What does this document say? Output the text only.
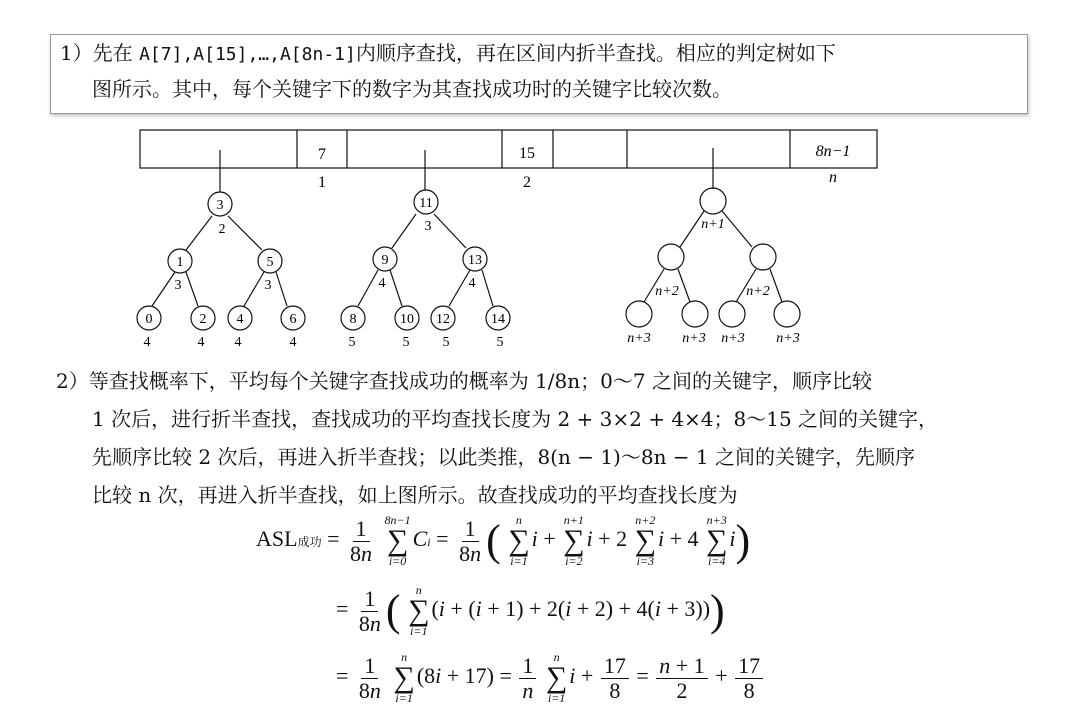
1）先在 A[7],A[15],…,A[8n-1]内顺序查找，再在区间内折半查找。相应的判定树如下
图所示。其中，每个关键字下的数字为其查找成功时的关键字比较次数。
7	15	8n−1
1	2	n
3
2
1
3
5
3
0	2 4	6
4	4 4	4
11
3
9
4
13
4
8	10 12	14
5	5 5	5
n+1
n+2	n+2
n+3 n+3 n+3 n+3
2）等查找概率下，平均每个关键字查找成功的概率为 1/8n；0～7 之间的关键字，顺序比较
1 次后，进行折半查找，查找成功的平均查找长度为 2 + 3×2 + 4×4；8～15 之间的关键字，
先顺序比较 2 次后，再进入折半查找；以此类推，8(n − 1)～8n − 1 之间的关键字，先顺序
比较 n 次，再进入折半查找，如上图所示。故查找成功的平均查找长度为
ASL成功 = $\frac{1}{8n}$
8n−1
∑
i=0
$Ci = \frac{1}{8n}$ ( n
∑
i=1
i +
n+1
∑
i=2
i + 2
n+2
∑
i=3
i + 4
n+3
∑
i=4
i)
= $\frac{1}{8n}$ ( n
∑
i=1
(i + (i + 1) + 2(i + 2) + 4(i + 3)))
= $\frac{1}{8n}$
n
∑
i=1
$(8i + 17) = \frac{1}{n}$
n
∑
i=1
$i + \frac{17}{8} = \frac{n + 1}{2} + \frac{17}{8}$
